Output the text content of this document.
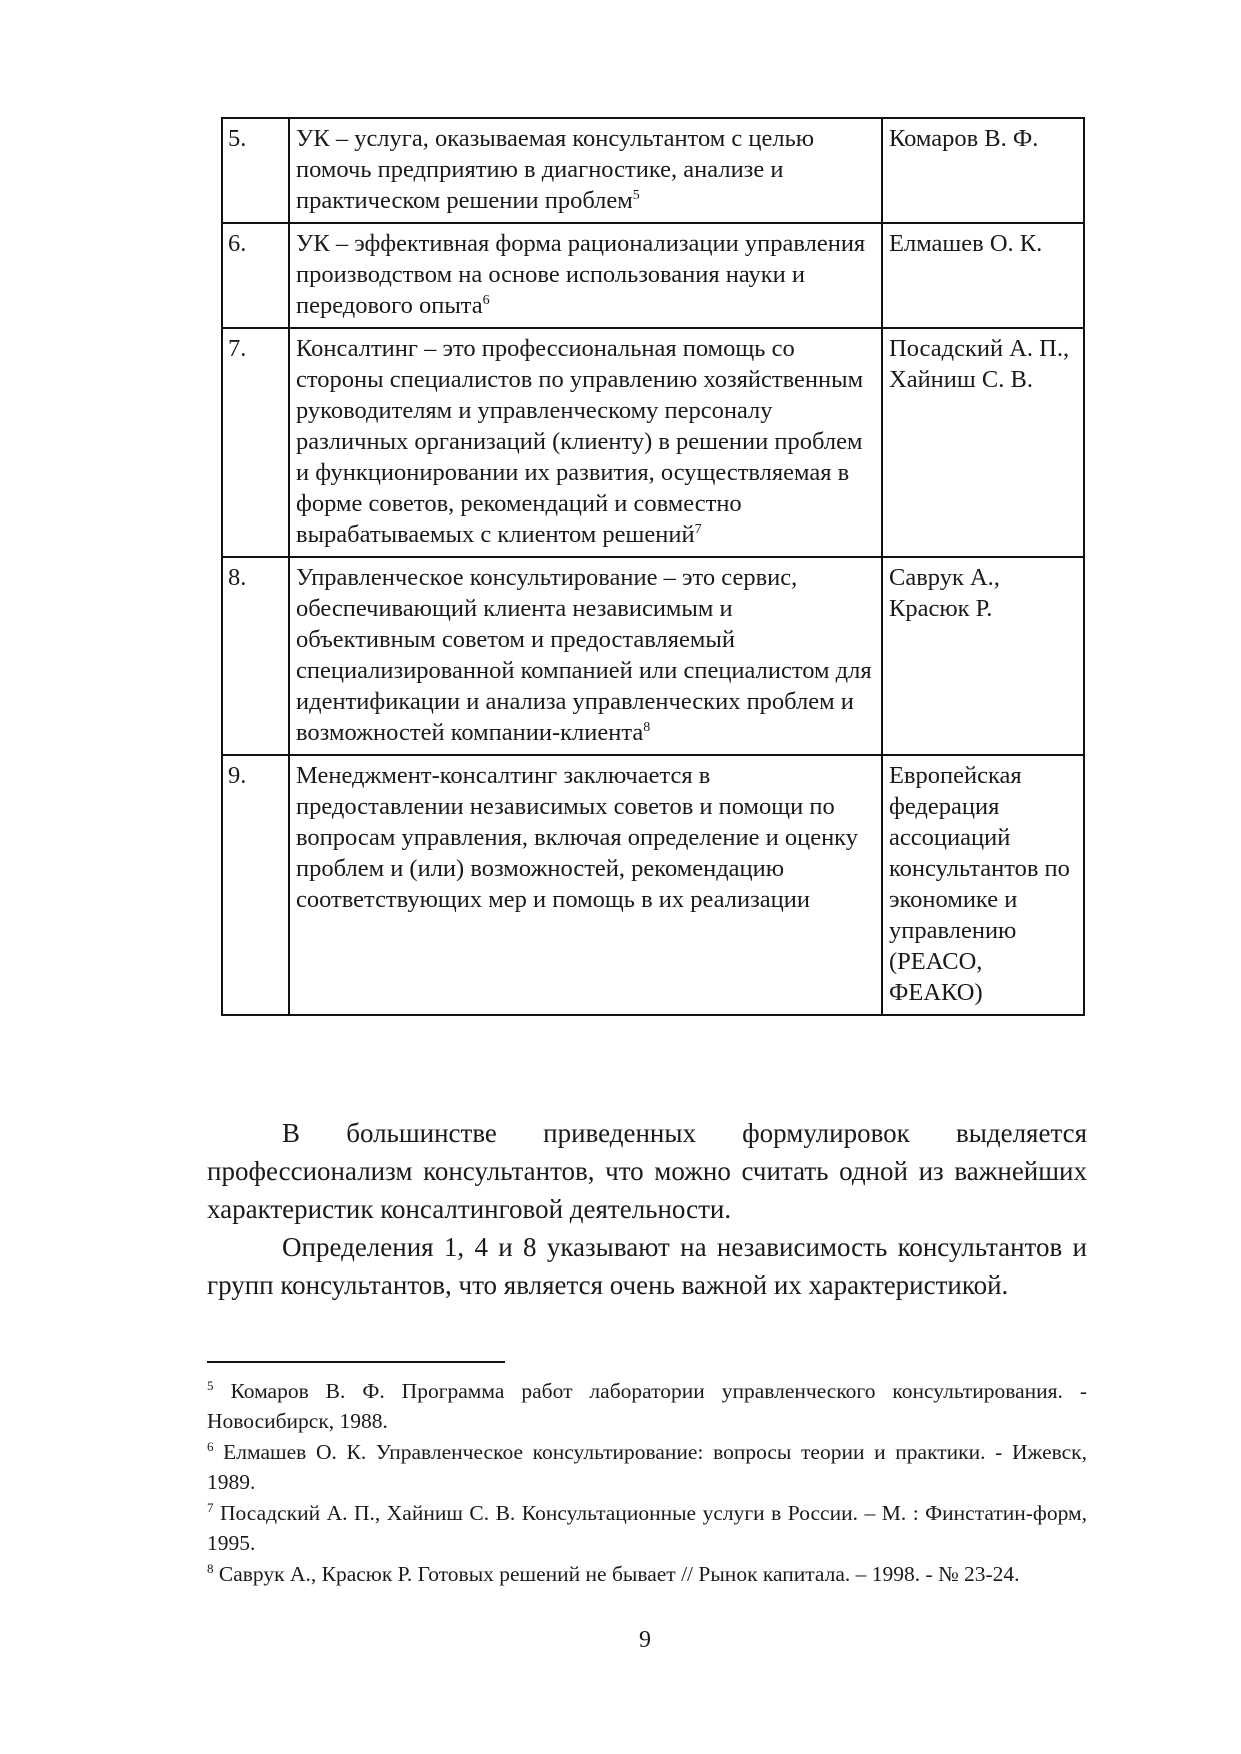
5.	УК – услуга, оказываемая консультантом с целью помочь предприятию в диагностике, анализе и практическом решении проблем$^5$	Комаров В. Ф.
6.	УК – эффективная форма рационализации управления производством на основе использования науки и передового опыта$^6$	Елмашев О. К.
7.	Консалтинг – это профессиональная помощь со стороны специалистов по управлению хозяйственным руководителям и управленческому персоналу различных организаций (клиенту) в решении проблем и функционировании их развития, осуществляемая в форме советов, рекомендаций и совместно вырабатываемых с клиентом решений$^7$	Посадский А. П., Хайниш С. В.
8.	Управленческое консультирование – это сервис, обеспечивающий клиента независимым и объективным советом и предоставляемый специализированной компанией или специалистом для идентификации и анализа управленческих проблем и возможностей компании-клиента$^8$	Саврук А., Красюк Р.
9.	Менеджмент-консалтинг заключается в предоставлении независимых советов и помощи по вопросам управления, включая определение и оценку проблем и (или) возможностей, рекомендацию соответствующих мер и помощь в их реализации	Европейская федерация ассоциаций консультантов по экономике и управлению (РЕАСО, ФЕАКО)

В большинстве приведенных формулировок выделяется профессионализм консультантов, что можно считать одной из важнейших характеристик консалтинговой деятельности.

Определения 1, 4 и 8 указывают на независимость консультантов и групп консультантов, что является очень важной их характеристикой.

$^5$ Комаров В. Ф. Программа работ лаборатории управленческого консультирования. - Новосибирск, 1988.

$^6$ Елмашев О. К. Управленческое консультирование: вопросы теории и практики. - Ижевск, 1989.

$^7$ Посадский А. П., Хайниш С. В. Консультационные услуги в России. – М. : Финстатин-форм, 1995.

$^8$ Саврук А., Красюк Р. Готовых решений не бывает // Рынок капитала. – 1998. - № 23-24.

9
